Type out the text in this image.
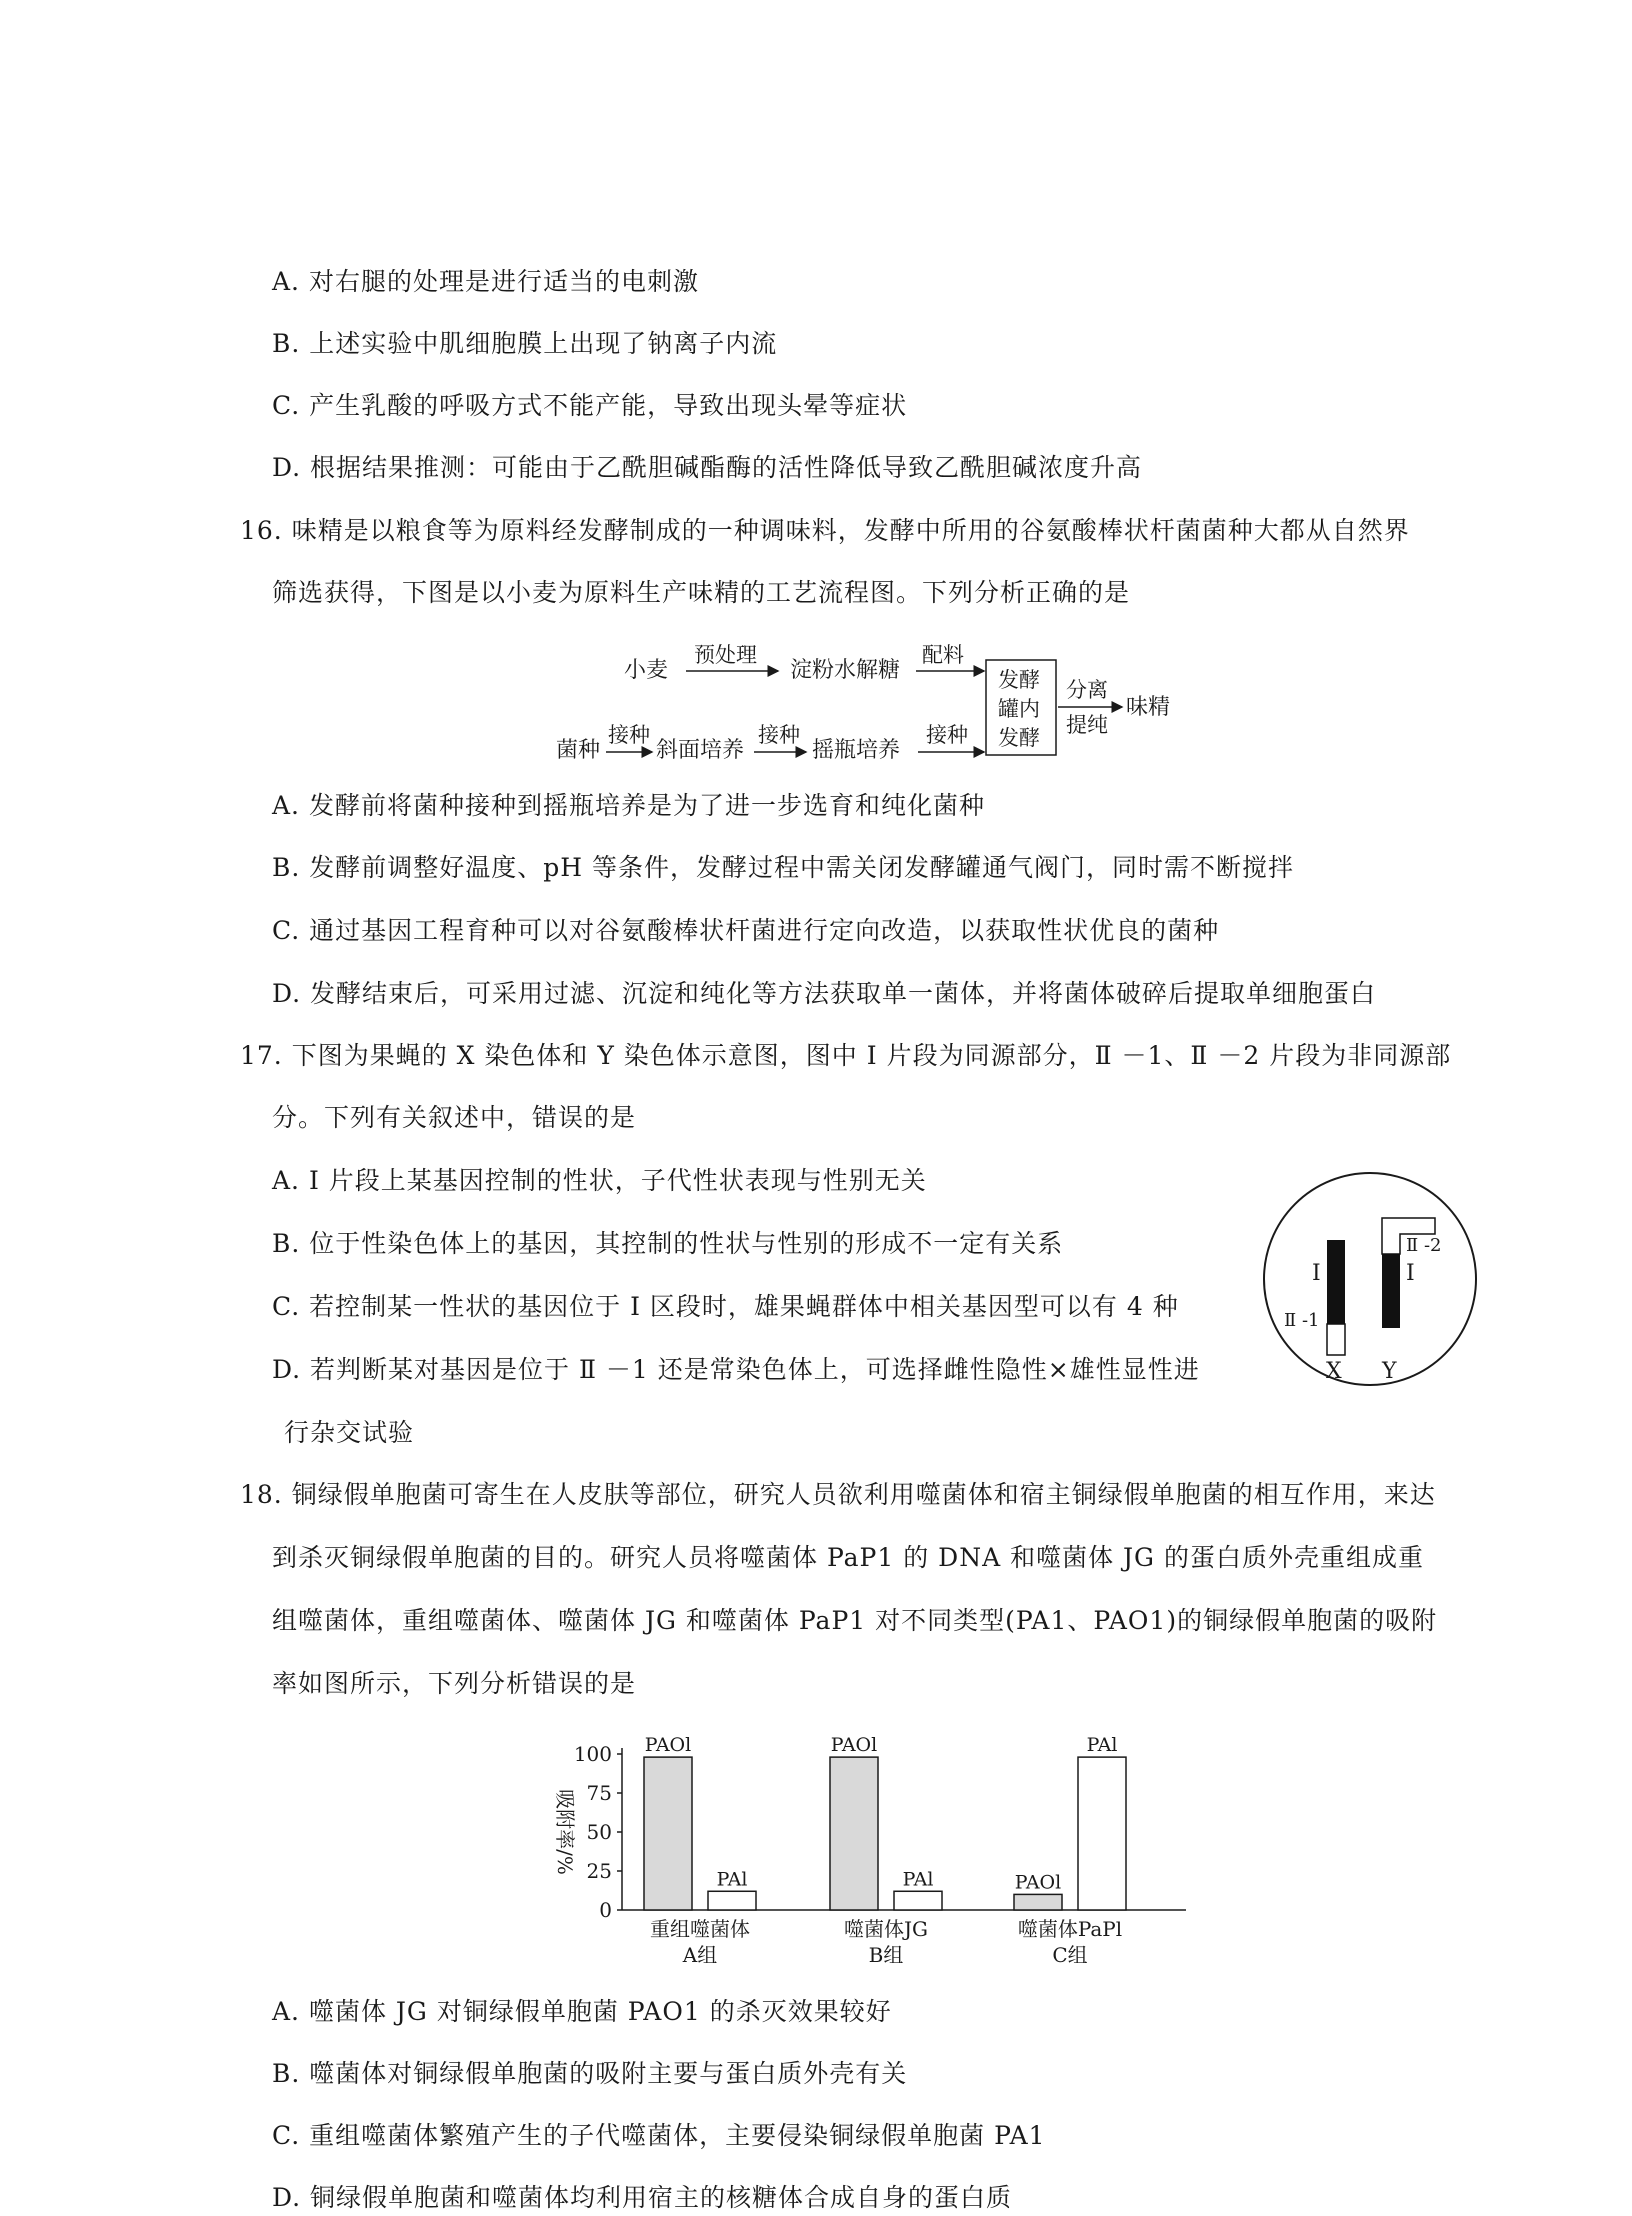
A. 对右腿的处理是进行适当的电刺激
B. 上述实验中肌细胞膜上出现了钠离子内流
C. 产生乳酸的呼吸方式不能产能，导致出现头晕等症状
D. 根据结果推测：可能由于乙酰胆碱酯酶的活性降低导致乙酰胆碱浓度升高
16. 味精是以粮食等为原料经发酵制成的一种调味料，发酵中所用的谷氨酸棒状杆菌菌种大都从自然界
筛选获得，下图是以小麦为原料生产味精的工艺流程图。下列分析正确的是
小麦
预处理
淀粉水解糖
配料
发酵
罐内
发酵
分离
提纯
味精
菌种
接种
斜面培养
接种
摇瓶培养
接种
A. 发酵前将菌种接种到摇瓶培养是为了进一步选育和纯化菌种
B. 发酵前调整好温度、pH 等条件，发酵过程中需关闭发酵罐通气阀门，同时需不断搅拌
C. 通过基因工程育种可以对谷氨酸棒状杆菌进行定向改造，以获取性状优良的菌种
D. 发酵结束后，可采用过滤、沉淀和纯化等方法获取单一菌体，并将菌体破碎后提取单细胞蛋白
17. 下图为果蝇的 X 染色体和 Y 染色体示意图，图中 Ⅰ 片段为同源部分，Ⅱ －1、Ⅱ －2 片段为非同源部
分。下列有关叙述中，错误的是
A. Ⅰ 片段上某基因控制的性状，子代性状表现与性别无关
B. 位于性染色体上的基因，其控制的性状与性别的形成不一定有关系
C. 若控制某一性状的基因位于 Ⅰ 区段时，雄果蝇群体中相关基因型可以有 4 种
D. 若判断某对基因是位于 Ⅱ －1 还是常染色体上，可选择雌性隐性×雄性显性进
行杂交试验
Ⅰ	Ⅰ
Ⅱ -1
Ⅱ -2
X Y
18. 铜绿假单胞菌可寄生在人皮肤等部位，研究人员欲利用噬菌体和宿主铜绿假单胞菌的相互作用，来达
到杀灭铜绿假单胞菌的目的。研究人员将噬菌体 PaP1 的 DNA 和噬菌体 JG 的蛋白质外壳重组成重
组噬菌体，重组噬菌体、噬菌体 JG 和噬菌体 PaP1 对不同类型(PA1、PAO1)的铜绿假单胞菌的吸附
率如图所示，下列分析错误的是
0
25
50
75
100
吸附率/%
PAOl
PAl
重组噬菌体
A组
PAOl
PAl
噬菌体JG
B组
PAOl
PAl
噬菌体PaPl
C组
A. 噬菌体 JG 对铜绿假单胞菌 PAO1 的杀灭效果较好
B. 噬菌体对铜绿假单胞菌的吸附主要与蛋白质外壳有关
C. 重组噬菌体繁殖产生的子代噬菌体，主要侵染铜绿假单胞菌 PA1
D. 铜绿假单胞菌和噬菌体均利用宿主的核糖体合成自身的蛋白质
